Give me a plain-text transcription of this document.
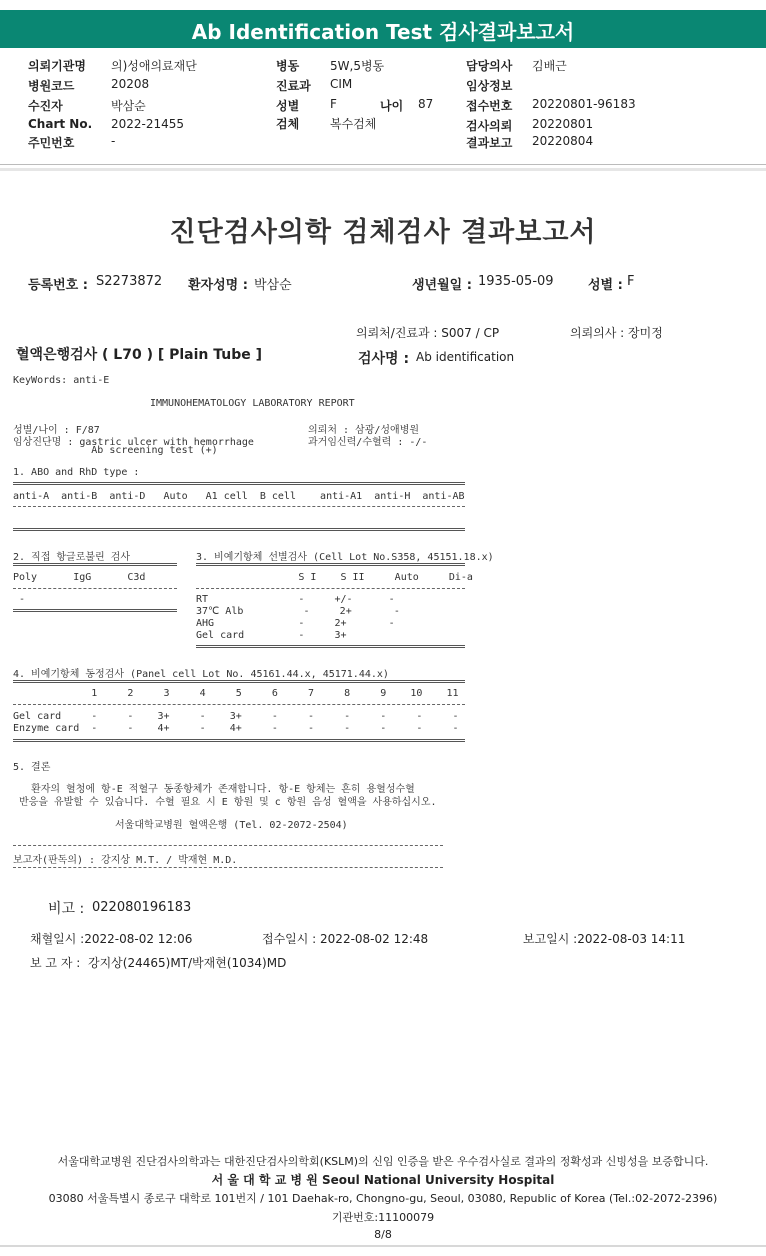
Ab Identification Test 검사결과보고서
의뢰기관명 의)성애의료재단
병원코드	20208
수진자	박삼순
Chart No. 2022-21455
주민번호	-
병동	5W,5병동
진료과 CIM
성별	F	나이 87
검체	복수검체
담당의사 김배근
임상정보
접수번호 20220801-96183
검사의뢰 20220801
결과보고 20220804
진단검사의학 검체검사 결과보고서
등록번호 : S2273872 환자성명 : 박삼순	생년월일 : 1935-05-09	성별 : F
의뢰처/진료과 : S007 / CP	의뢰의사 : 장미정
혈액은행검사 ( L70 ) [ Plain Tube ]	검사명 : Ab identification
KeyWords: anti-E
IMMUNOHEMATOLOGY LABORATORY REPORT
성별/나이 : F/87
임상진단명 : gastric ulcer with hemorrhage
Ab screening test (+)
의뢰처 : 삼광/성애병원
과거임신력/수혈력 : -/-
1. ABO and RhD type :
anti-A  anti-B  anti-D   Auto   A1 cell  B cell    anti-A1  anti-H  anti-AB
2. 직접 항글로불린 검사
Poly      IgG      C3d
-
3. 비예기항체 선별검사 (Cell Lot No.S358, 45151.18.x)
S I    S II     Auto     Di-a
RT               -     +/-      -
37℃ Alb          -     2+       -
AHG              -     2+       -
Gel card         -     3+
4. 비예기항체 동정검사 (Panel cell Lot No. 45161.44.x, 45171.44.x)
1     2     3     4     5     6     7     8     9    10    11
Gel card     -     -    3+     -    3+     -     -     -     -     -     -
Enzyme card  -     -    4+     -    4+     -     -     -     -     -     -
5. 결론
환자의 혈청에 항-E 적혈구 동종항체가 존재합니다. 항-E 항체는 흔히 용혈성수혈
반응을 유발할 수 있습니다. 수혈 필요 시 E 항원 및 c 항원 음성 혈액을 사용하십시오.
서울대학교병원 혈액은행 (Tel. 02-2072-2504)
보고자(판독의) : 강지상 M.T. / 박재현 M.D.
비고 : 022080196183
채혈일시 :2022-08-02 12:06	접수일시 : 2022-08-02 12:48	보고일시 :2022-08-03 14:11
보 고 자 : 강지상(24465)MT/박재현(1034)MD
서울대학교병원 진단검사의학과는 대한진단검사의학회(KSLM)의 신임 인증을 받은 우수검사실로 결과의 정확성과 신빙성을 보증합니다.
서 울 대 학 교 병 원 Seoul National University Hospital
03080 서울특별시 종로구 대학로 101번지 / 101 Daehak-ro, Chongno-gu, Seoul, 03080, Republic of Korea (Tel.:02-2072-2396)
기관번호:11100079
8/8
